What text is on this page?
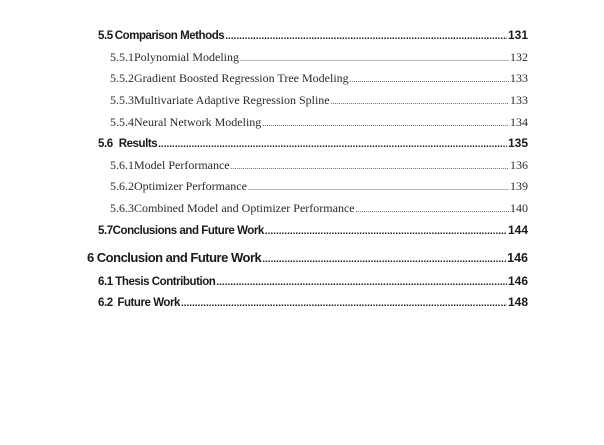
5.5 Comparison Methods .....	131
5.5.1 Polynomial Modeling .....	132
5.5.2 Gradient Boosted Regression Tree Modeling .....	133
5.5.3 Multivariate Adaptive Regression Spline .....	133
5.5.4 Neural Network Modeling .....	134
5.6 Results .....	135
5.6.1 Model Performance .....	136
5.6.2 Optimizer Performance .....	139
5.6.3 Combined Model and Optimizer Performance .....	140
5.7 Conclusions and Future Work .....	144
6 Conclusion and Future Work .....	146
6.1 Thesis Contribution .....	146
6.2 Future Work .....	148
